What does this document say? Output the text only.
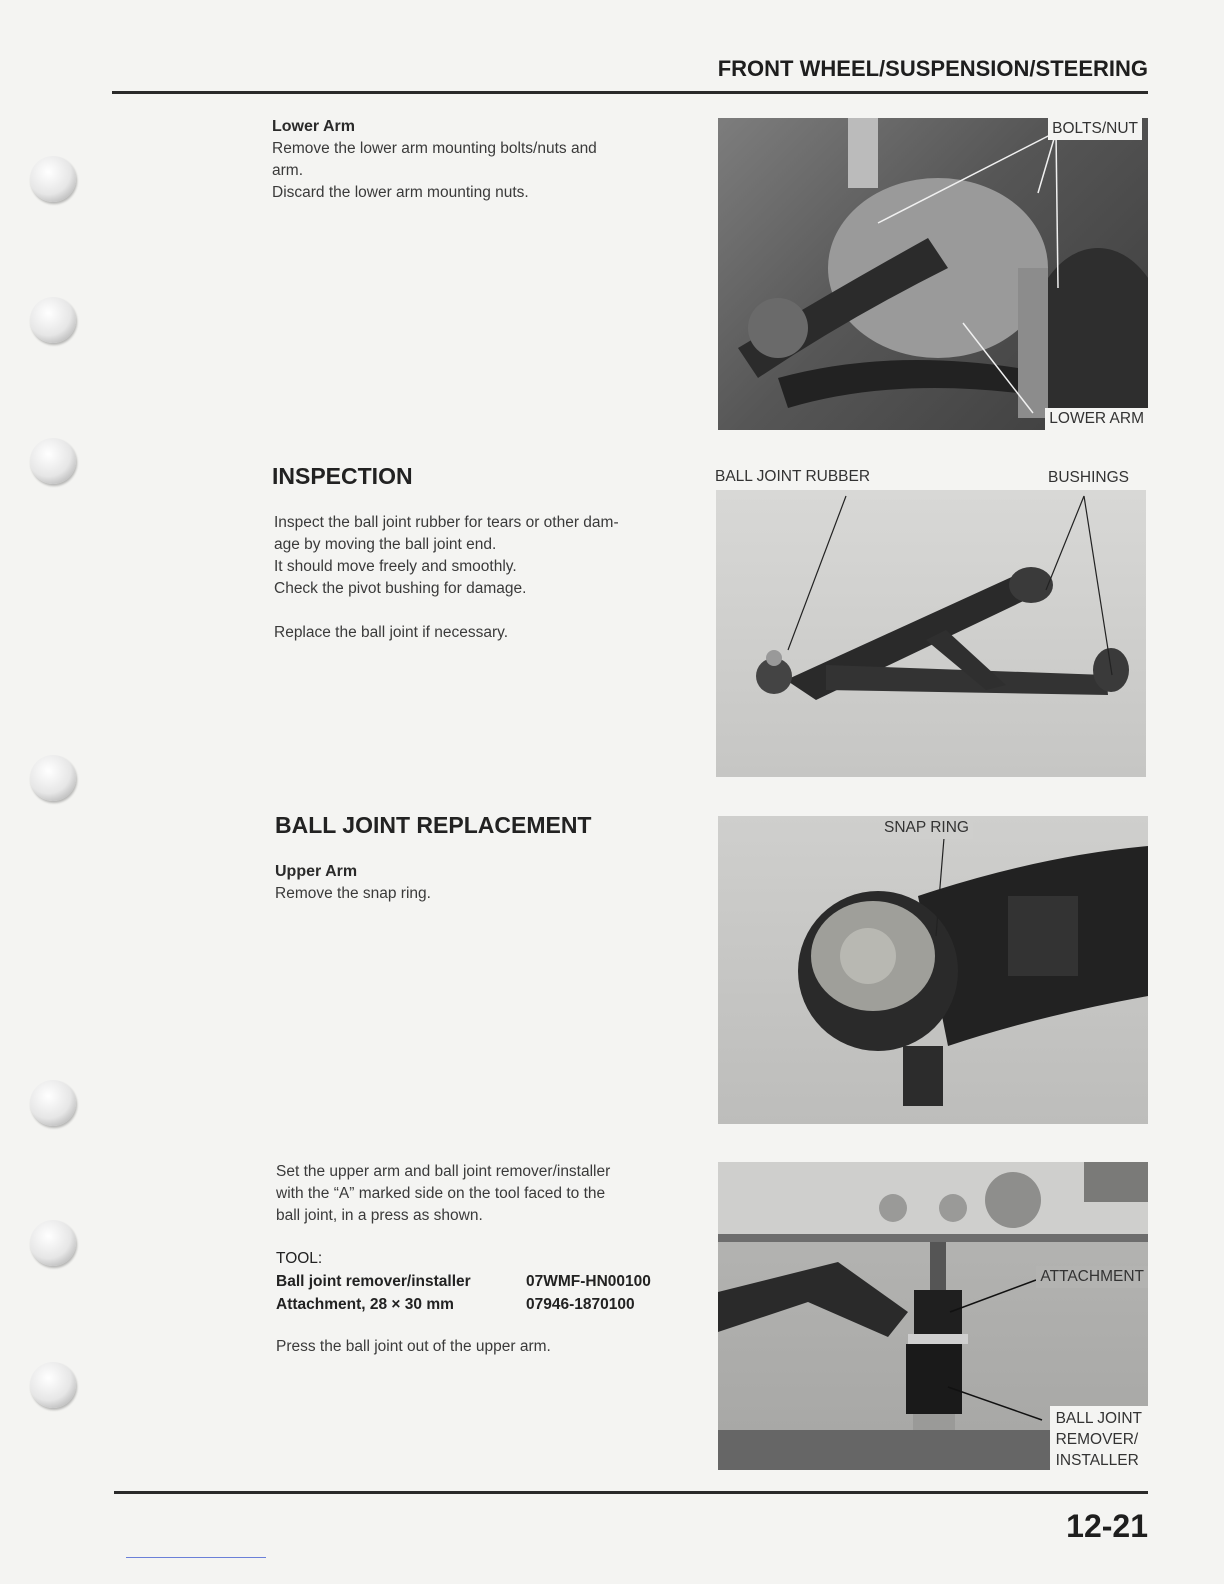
FRONT WHEEL/SUSPENSION/STEERING
Lower Arm

Remove the lower arm mounting bolts/nuts and

arm.

Discard the lower arm mounting nuts.

BOLTS/NUT
LOWER ARM
INSPECTION

Inspect the ball joint rubber for tears or other dam-

age by moving the ball joint end.

It should move freely and smoothly.

Check the pivot bushing for damage.

Replace the ball joint if necessary.

BALL JOINT RUBBER	BUSHINGS
BALL JOINT REPLACEMENT
Upper Arm
Remove the snap ring.
SNAP RING

Set the upper arm and ball joint remover/installer

with the “A” marked side on the tool faced to the

ball joint, in a press as shown.

TOOL:
Ball joint remover/installer	07WMF-HN00100
Attachment, 28 × 30 mm	07946-1870100
Press the ball joint out of the upper arm.
ATTACHMENT
BALL JOINT
REMOVER/
INSTALLER
12-21
